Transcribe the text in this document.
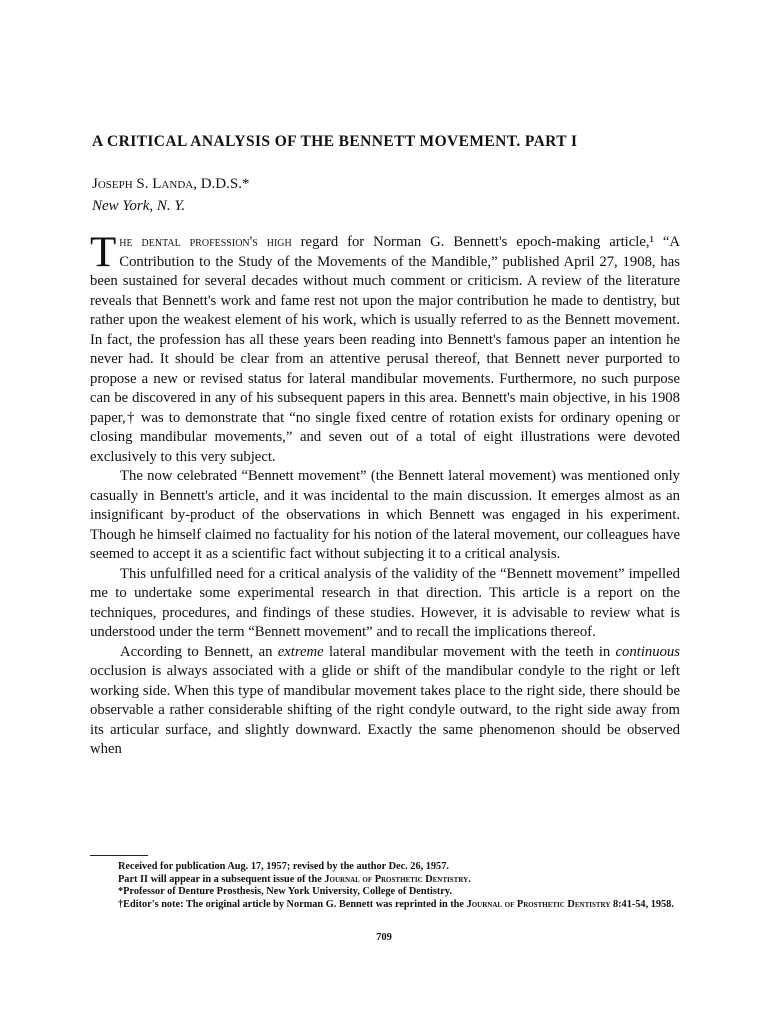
A CRITICAL ANALYSIS OF THE BENNETT MOVEMENT. PART I
Joseph S. Landa, D.D.S.*
New York, N. Y.

The dental profession's high regard for Norman G. Bennett's epoch-making article,¹ “A Contribution to the Study of the Movements of the Mandible,” published April 27, 1908, has been sustained for several decades without much comment or criticism. A review of the literature reveals that Bennett's work and fame rest not upon the major contribution he made to dentistry, but rather upon the weakest element of his work, which is usually referred to as the Bennett movement. In fact, the profession has all these years been reading into Bennett's famous paper an intention he never had. It should be clear from an attentive perusal thereof, that Bennett never purported to propose a new or revised status for lateral mandibular movements. Furthermore, no such purpose can be discovered in any of his subsequent papers in this area. Bennett's main objective, in his 1908 paper,† was to demonstrate that “no single fixed centre of rotation exists for ordinary opening or closing mandibular movements,” and seven out of a total of eight illustrations were devoted exclusively to this very subject.

The now celebrated “Bennett movement” (the Bennett lateral movement) was mentioned only casually in Bennett's article, and it was incidental to the main discussion. It emerges almost as an insignificant by-product of the observations in which Bennett was engaged in his experiment. Though he himself claimed no factuality for his notion of the lateral movement, our colleagues have seemed to accept it as a scientific fact without subjecting it to a critical analysis.

This unfulfilled need for a critical analysis of the validity of the “Bennett movement” impelled me to undertake some experimental research in that direction. This article is a report on the techniques, procedures, and findings of these studies. However, it is advisable to review what is understood under the term “Bennett movement” and to recall the implications thereof.

According to Bennett, an extreme lateral mandibular movement with the teeth in continuous occlusion is always associated with a glide or shift of the mandibular condyle to the right or left working side. When this type of mandibular movement takes place to the right side, there should be observable a rather considerable shifting of the right condyle outward, to the right side away from its articular surface, and slightly downward. Exactly the same phenomenon should be observed when

Received for publication Aug. 17, 1957; revised by the author Dec. 26, 1957.
Part II will appear in a subsequent issue of the Journal of Prosthetic Dentistry.
*Professor of Denture Prosthesis, New York University, College of Dentistry.
†Editor's note: The original article by Norman G. Bennett was reprinted in the Journal of Prosthetic Dentistry 8:41-54, 1958.
709
